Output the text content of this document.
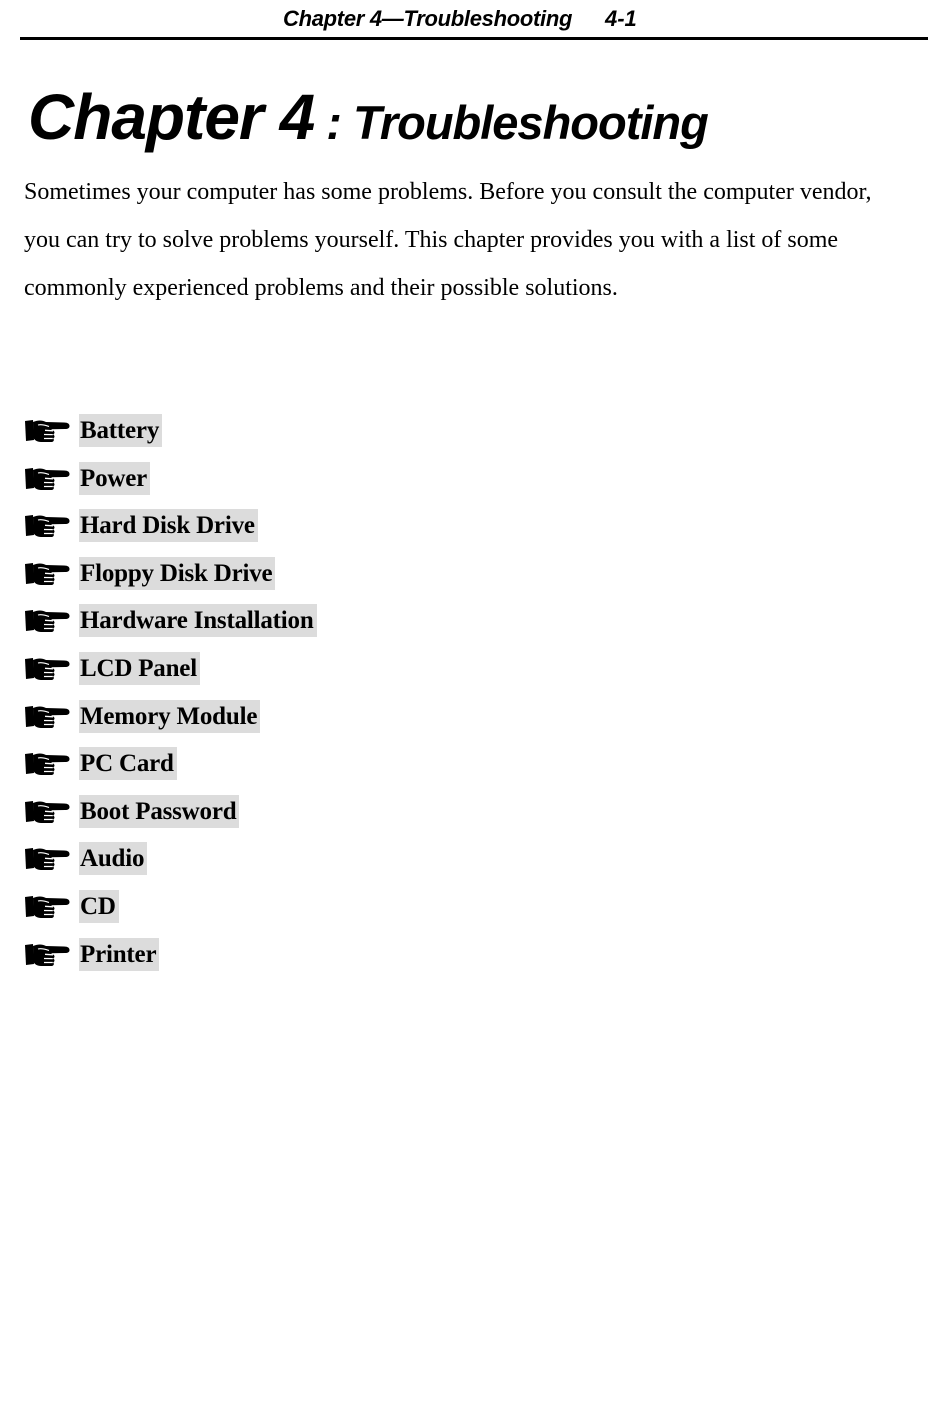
Chapter 4—Troubleshooting 4-1
Chapter 4 : Troubleshooting

Sometimes your computer has some problems. Before you consult the computer vendor, you can try to solve problems yourself. This chapter provides you with a list of some commonly experienced problems and their possible solutions.

Battery
Power
Hard Disk Drive
Floppy Disk Drive
Hardware Installation
LCD Panel
Memory Module
PC Card
Boot Password
Audio
CD
Printer
